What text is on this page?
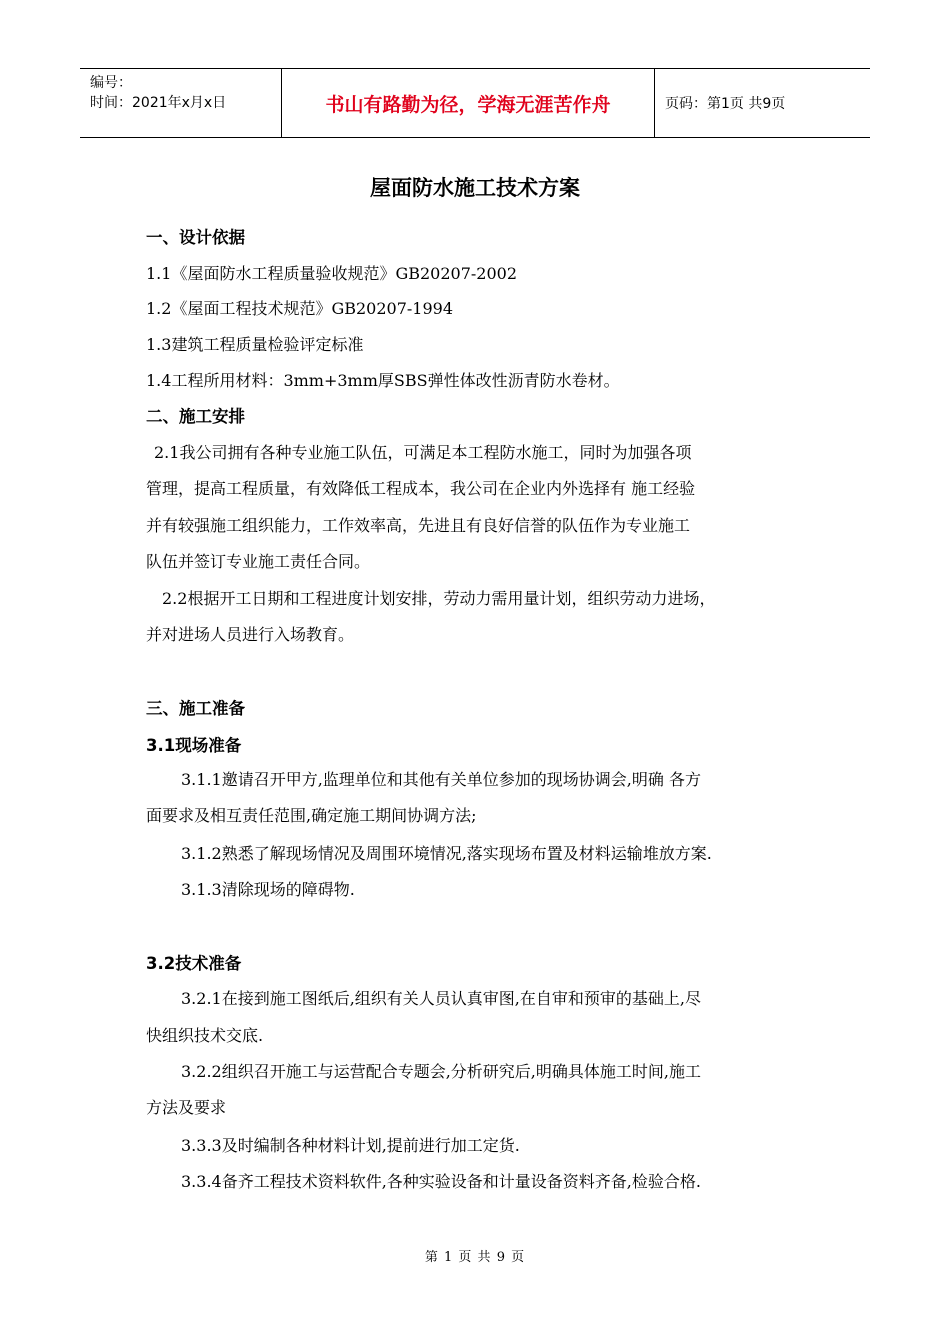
编号：
时间：2021年x月x日	书山有路勤为径，学海无涯苦作舟	页码：第1页 共9页
屋面防水施工技术方案
一、设计依据
1.1《屋面防水工程质量验收规范》GB20207-2002
1.2《屋面工程技术规范》GB20207-1994
1.3建筑工程质量检验评定标准
1.4工程所用材料：3mm+3mm厚SBS弹性体改性沥青防水卷材。
二、施工安排
2.1我公司拥有各种专业施工队伍，可满足本工程防水施工，同时为加强各项
管理，提高工程质量，有效降低工程成本，我公司在企业内外选择有 施工经验
并有较强施工组织能力，工作效率高，先进且有良好信誉的队伍作为专业施工
队伍并签订专业施工责任合同。
2.2根据开工日期和工程进度计划安排，劳动力需用量计划，组织劳动力进场，
并对进场人员进行入场教育。
三、施工准备
3.1现场准备
3.1.1邀请召开甲方,监理单位和其他有关单位参加的现场协调会,明确 各方
面要求及相互责任范围,确定施工期间协调方法;
3.1.2熟悉了解现场情况及周围环境情况,落实现场布置及材料运输堆放方案.
3.1.3清除现场的障碍物.
3.2技术准备
3.2.1在接到施工图纸后,组织有关人员认真审图,在自审和预审的基础上,尽
快组织技术交底.
3.2.2组织召开施工与运营配合专题会,分析研究后,明确具体施工时间,施工
方法及要求
3.3.3及时编制各种材料计划,提前进行加工定货.
3.3.4备齐工程技术资料软件,各种实验设备和计量设备资料齐备,检验合格.
第 1 页 共 9 页
